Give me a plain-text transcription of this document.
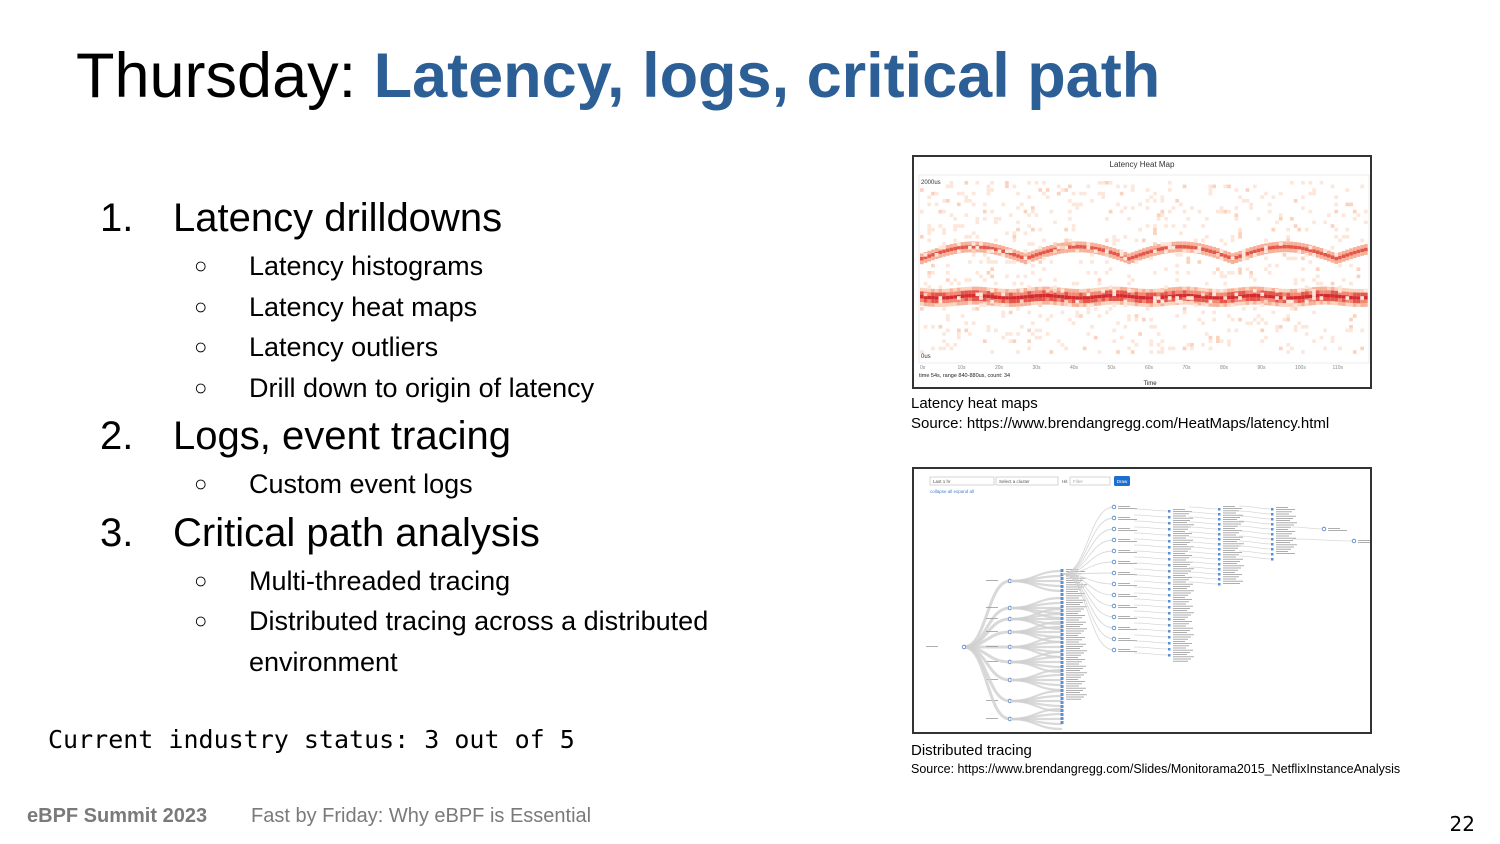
Thursday: Latency, logs, critical path
1. Latency drilldowns
○	Latency histograms
○	Latency heat maps
○	Latency outliers
○	Drill down to origin of latency
2. Logs, event tracing
○	Custom event logs
3. Critical path analysis
○	Multi-threaded tracing
○	Distributed tracing across a distributed
environment
Current industry status: 3 out of 5
eBPF Summit 2023 Fast by Friday: Why eBPF is Essential	22
Latency Heat Map
2000us
0us
0s	10s	20s	30s	40s	50s	60s	70s	80s	90s	100s	110s
time 54s, range 840-880us, count: 34
Time
Latency heat maps
Source: https://www.brendangregg.com/HeatMaps/latency.html
Last 1 hr	Select a cluster	Hit Filter	Draw
collapse all expand all
Distributed tracing
Source: https://www.brendangregg.com/Slides/Monitorama2015_NetflixInstanceAnalysis
